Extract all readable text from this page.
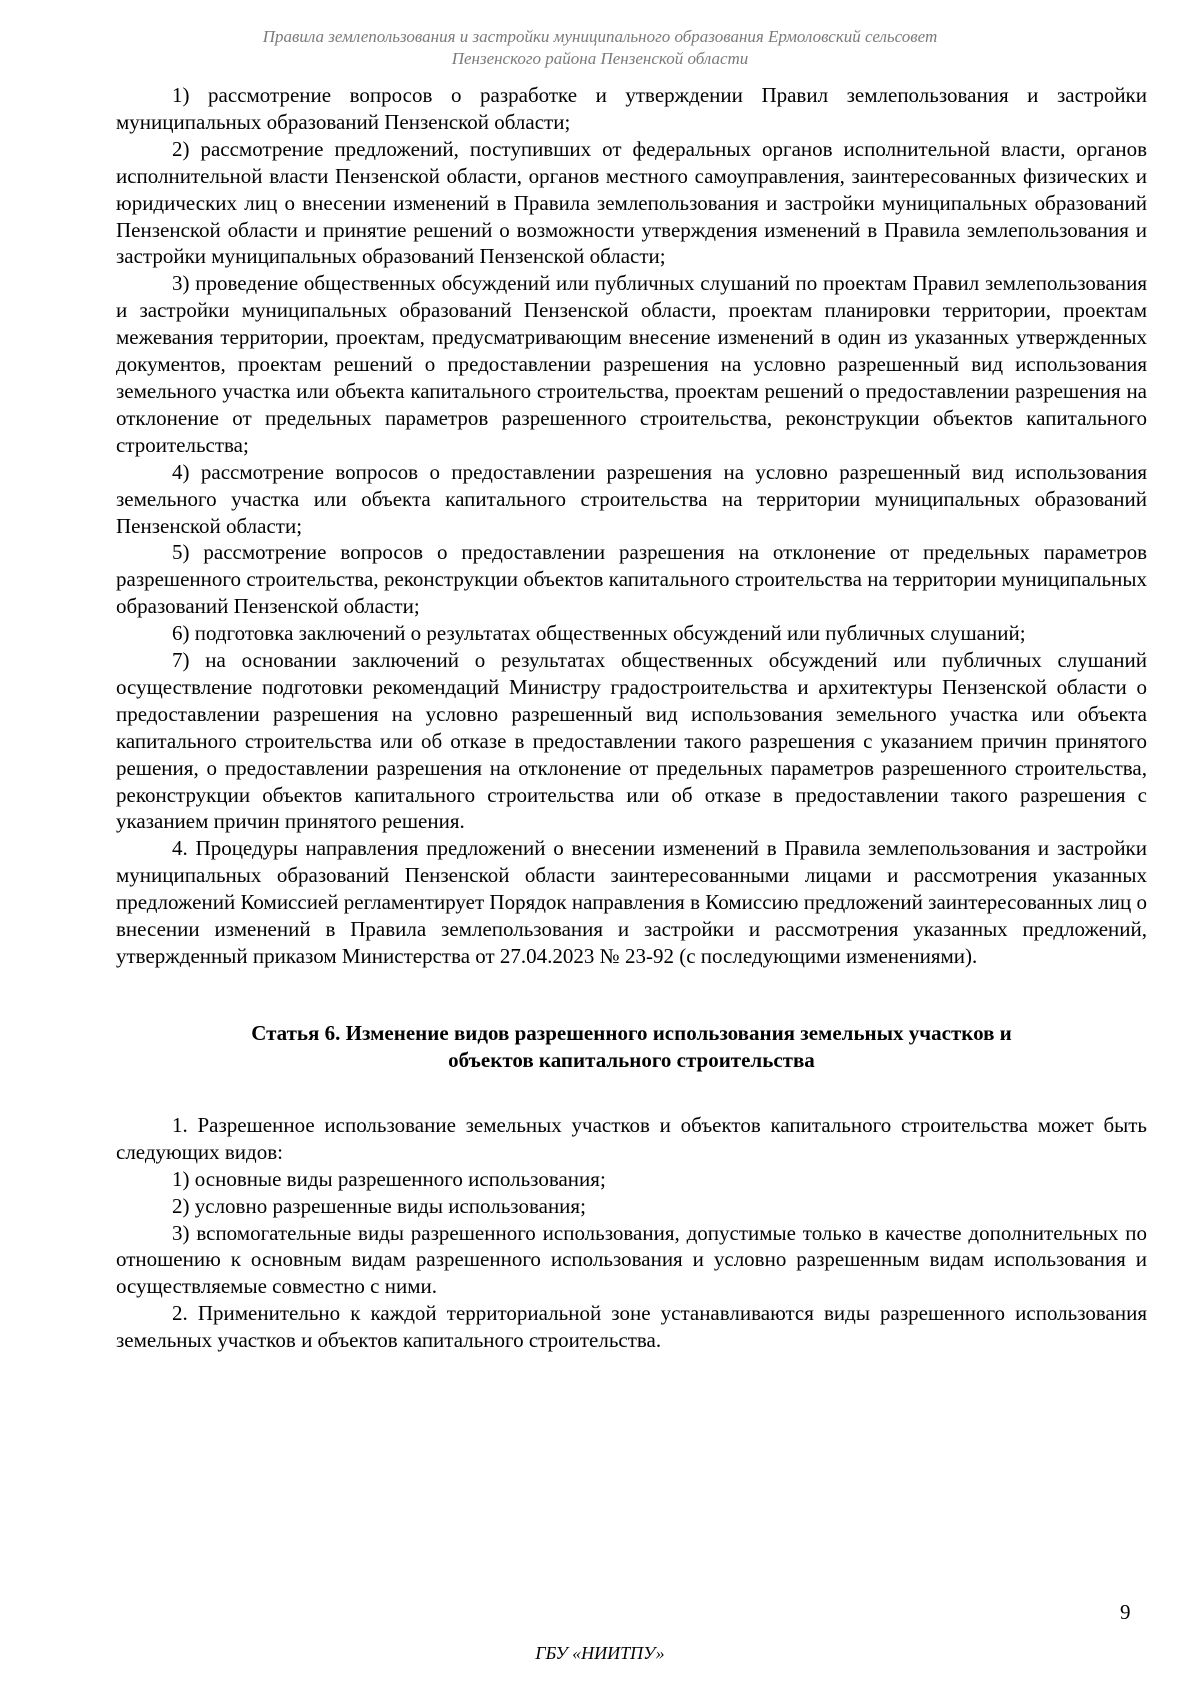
Правила землепользования и застройки муниципального образования Ермоловский сельсовет
Пензенского района Пензенской области

1) рассмотрение вопросов о разработке и утверждении Правил землепользования и застройки муниципальных образований Пензенской области;

2) рассмотрение предложений, поступивших от федеральных органов исполнительной власти, органов исполнительной власти Пензенской области, органов местного самоуправления, заинтересованных физических и юридических лиц о внесении изменений в Правила землепользования и застройки муниципальных образований Пензенской области и принятие решений о возможности утверждения изменений в Правила землепользования и застройки муниципальных образований Пензенской области;

3) проведение общественных обсуждений или публичных слушаний по проектам Правил землепользования и застройки муниципальных образований Пензенской области, проектам планировки территории, проектам межевания территории, проектам, предусматривающим внесение изменений в один из указанных утвержденных документов, проектам решений о предоставлении разрешения на условно разрешенный вид использования земельного участка или объекта капитального строительства, проектам решений о предоставлении разрешения на отклонение от предельных параметров разрешенного строительства, реконструкции объектов капитального строительства;

4) рассмотрение вопросов о предоставлении разрешения на условно разрешенный вид использования земельного участка или объекта капитального строительства на территории муниципальных образований Пензенской области;

5) рассмотрение вопросов о предоставлении разрешения на отклонение от предельных параметров разрешенного строительства, реконструкции объектов капитального строительства на территории муниципальных образований Пензенской области;

6) подготовка заключений о результатах общественных обсуждений или публичных слушаний;

7) на основании заключений о результатах общественных обсуждений или публичных слушаний осуществление подготовки рекомендаций Министру градостроительства и архитектуры Пензенской области о предоставлении разрешения на условно разрешенный вид использования земельного участка или объекта капитального строительства или об отказе в предоставлении такого разрешения с указанием причин принятого решения, о предоставлении разрешения на отклонение от предельных параметров разрешенного строительства, реконструкции объектов капитального строительства или об отказе в предоставлении такого разрешения с указанием причин принятого решения.

4. Процедуры направления предложений о внесении изменений в Правила землепользования и застройки муниципальных образований Пензенской области заинтересованными лицами и рассмотрения указанных предложений Комиссией регламентирует Порядок направления в Комиссию предложений заинтересованных лиц о внесении изменений в Правила землепользования и застройки и рассмотрения указанных предложений, утвержденный приказом Министерства от 27.04.2023 № 23-92 (с последующими изменениями).

Статья 6. Изменение видов разрешенного использования земельных участков и
объектов капитального строительства

1. Разрешенное использование земельных участков и объектов капитального строительства может быть следующих видов:

1) основные виды разрешенного использования;

2) условно разрешенные виды использования;

3) вспомогательные виды разрешенного использования, допустимые только в качестве дополнительных по отношению к основным видам разрешенного использования и условно разрешенным видам использования и осуществляемые совместно с ними.

2. Применительно к каждой территориальной зоне устанавливаются виды разрешенного использования земельных участков и объектов капитального строительства.

9
ГБУ «НИИТПУ»
